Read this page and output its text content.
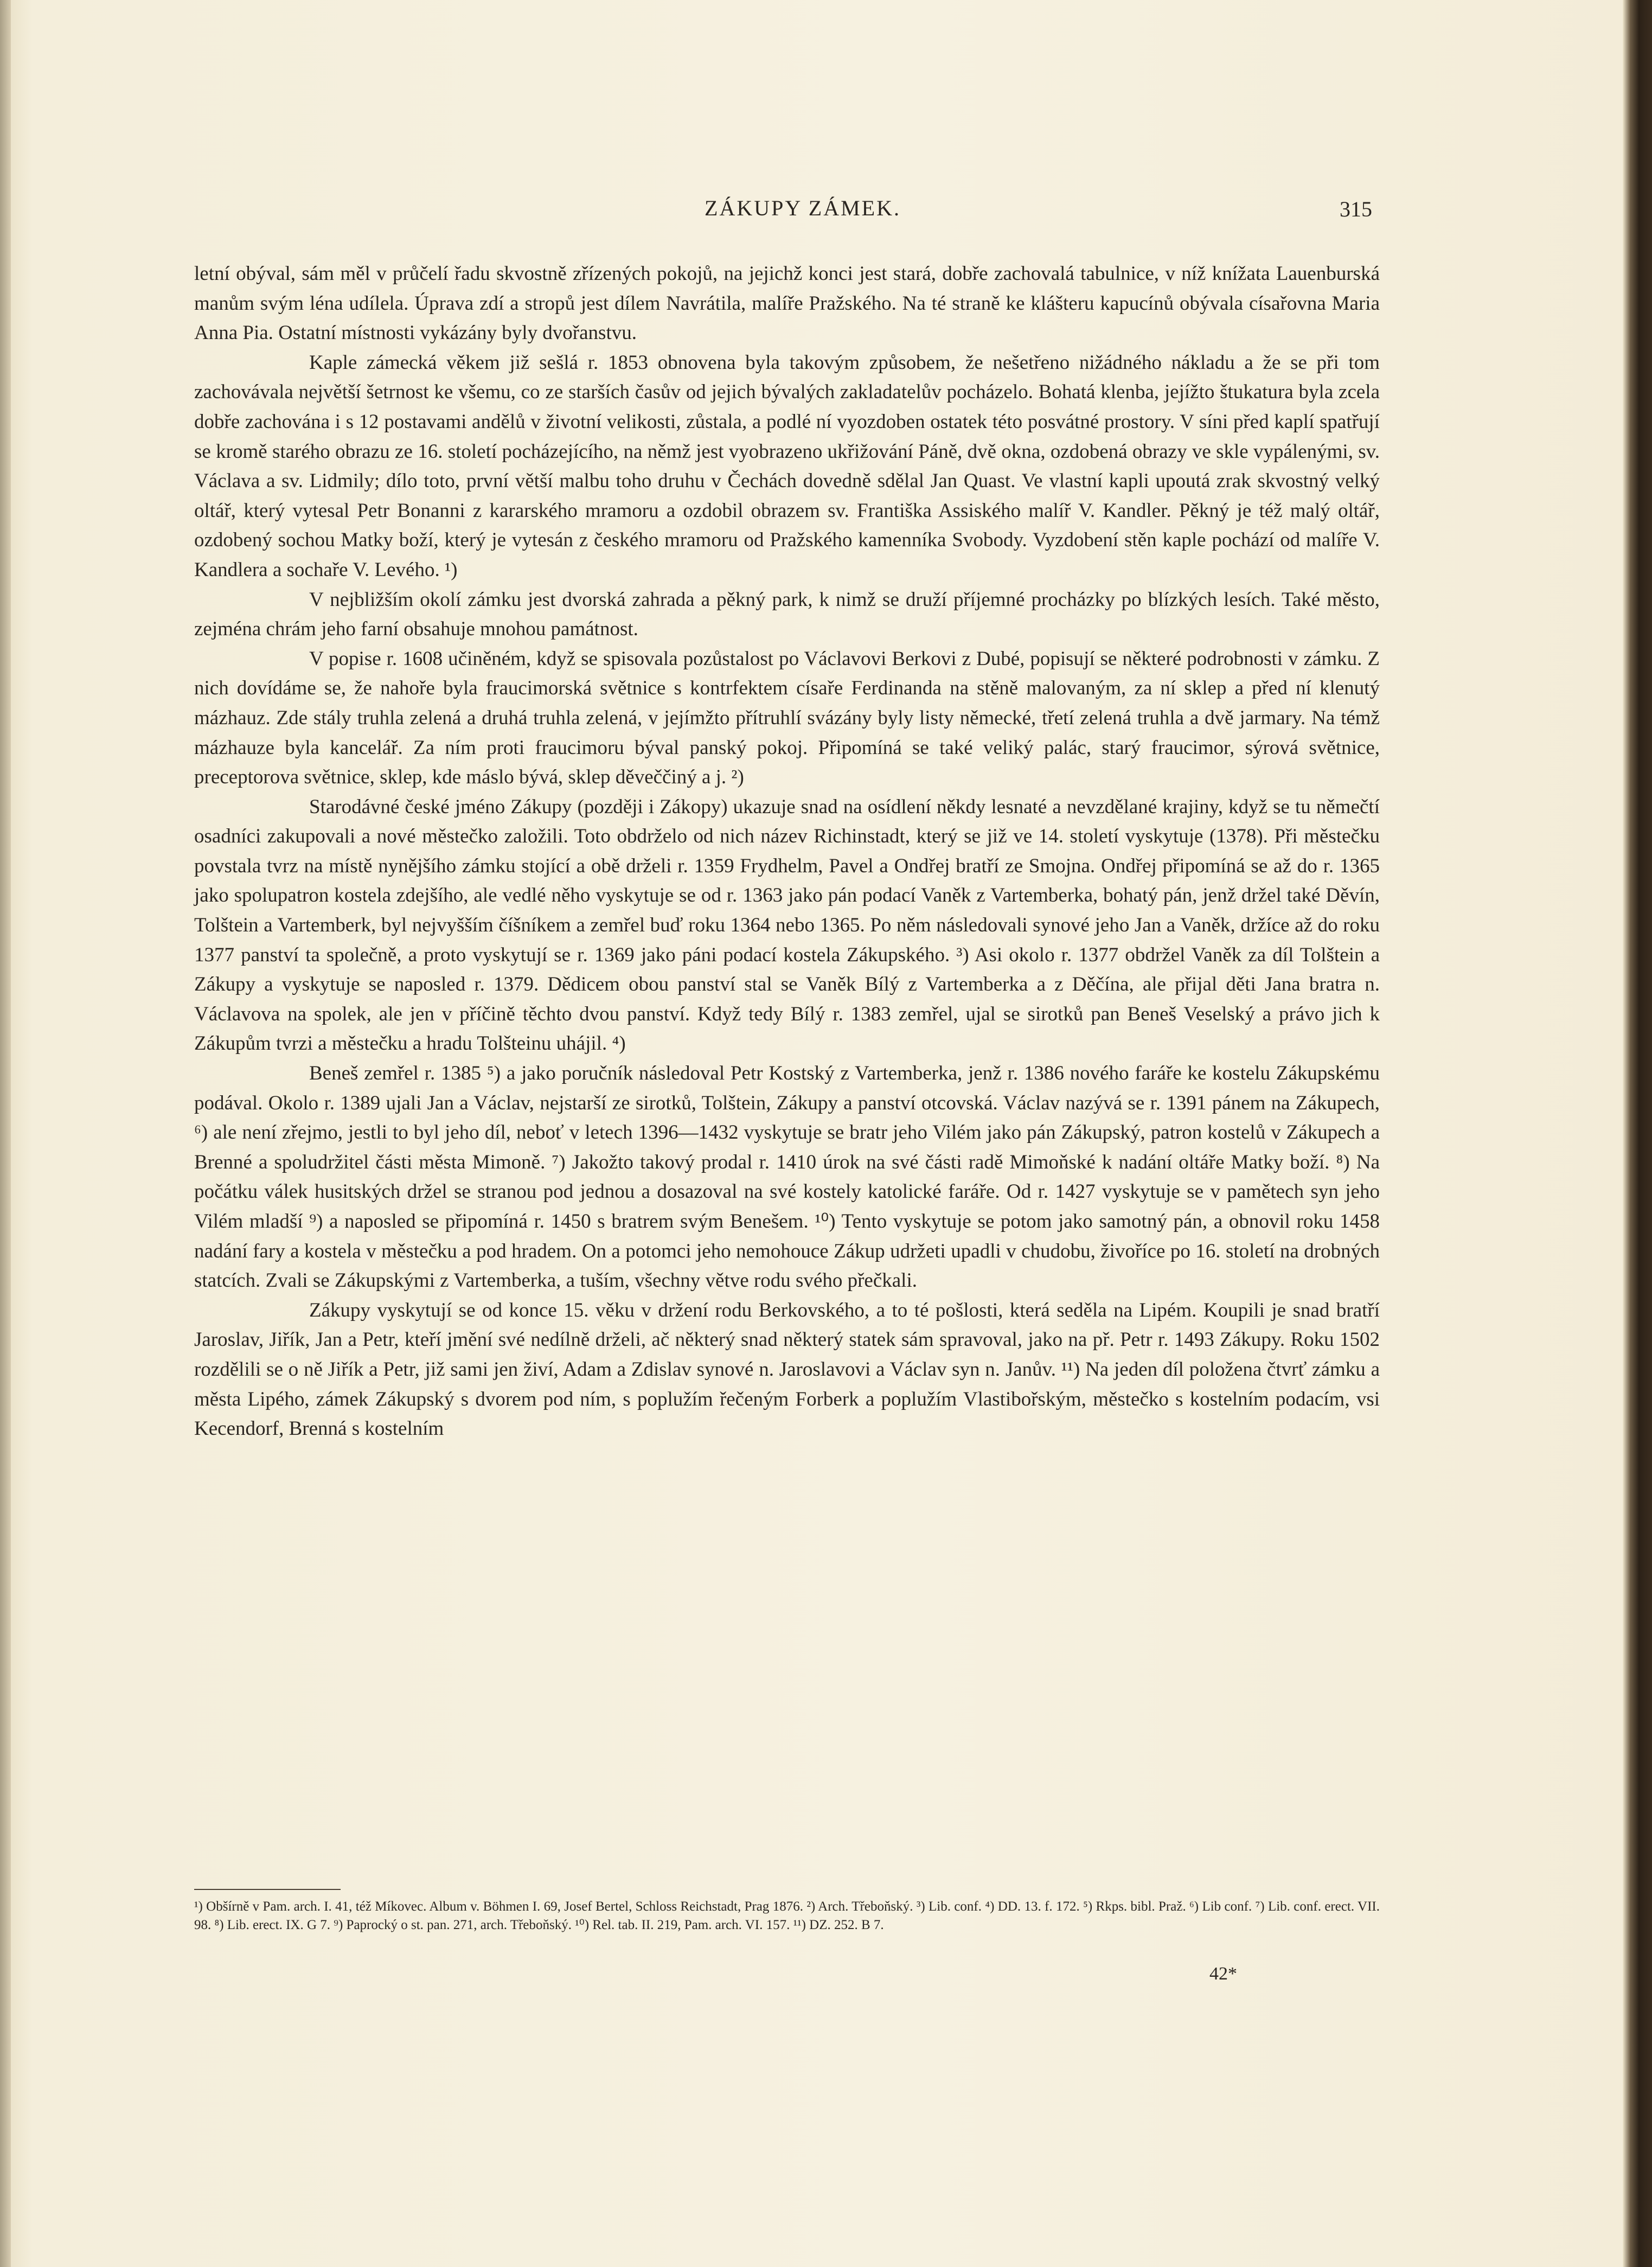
ZÁKUPY ZÁMEK.	315

letní obýval, sám měl v průčelí řadu skvostně zřízených pokojů, na jejichž konci jest stará, dobře zachovalá tabulnice, v níž knížata Lauenburská manům svým léna udílela. Úprava zdí a stropů jest dílem Navrátila, malíře Pražského. Na té straně ke klášteru kapucínů obývala císařovna Maria Anna Pia. Ostatní místnosti vykázány byly dvořanstvu.

Kaple zámecká věkem již sešlá r. 1853 obnovena byla takovým způsobem, že nešetřeno nižádného nákladu a že se při tom zachovávala největší šetrnost ke všemu, co ze starších časův od jejich bývalých zakladatelův pocházelo. Bohatá klenba, jejížto štukatura byla zcela dobře zachována i s 12 postavami andělů v životní velikosti, zůstala, a podlé ní vyozdoben ostatek této posvátné prostory. V síni před kaplí spatřují se kromě starého obrazu ze 16. století pocházejícího, na němž jest vyobrazeno ukřižování Páně, dvě okna, ozdobená obrazy ve skle vypálenými, sv. Václava a sv. Lidmily; dílo toto, první větší malbu toho druhu v Čechách dovedně sdělal Jan Quast. Ve vlastní kapli upoutá zrak skvostný velký oltář, který vytesal Petr Bonanni z kararského mramoru a ozdobil obrazem sv. Františka Assiského malíř V. Kandler. Pěkný je též malý oltář, ozdobený sochou Matky boží, který je vytesán z českého mramoru od Pražského kamenníka Svobody. Vyzdobení stěn kaple pochází od malíře V. Kandlera a sochaře V. Levého. ¹)

V nejbližším okolí zámku jest dvorská zahrada a pěkný park, k nimž se druží příjemné procházky po blízkých lesích. Také město, zejména chrám jeho farní obsahuje mnohou památnost.

V popise r. 1608 učiněném, když se spisovala pozůstalost po Václavovi Berkovi z Dubé, popisují se některé podrobnosti v zámku. Z nich dovídáme se, že nahoře byla fraucimorská světnice s kontrfektem císaře Ferdinanda na stěně malovaným, za ní sklep a před ní klenutý mázhauz. Zde stály truhla zelená a druhá truhla zelená, v jejímžto přítruhlí svázány byly listy německé, třetí zelená truhla a dvě jarmary. Na témž mázhauze byla kancelář. Za ním proti fraucimoru býval panský pokoj. Připomíná se také veliký palác, starý fraucimor, sýrová světnice, preceptorova světnice, sklep, kde máslo bývá, sklep děveččiný a j. ²)

Starodávné české jméno Zákupy (později i Zákopy) ukazuje snad na osídlení někdy lesnaté a nevzdělané krajiny, když se tu němečtí osadníci zakupovali a nové městečko založili. Toto obdrželo od nich název Richinstadt, který se již ve 14. století vyskytuje (1378). Při městečku povstala tvrz na místě nynějšího zámku stojící a obě drželi r. 1359 Frydhelm, Pavel a Ondřej bratří ze Smojna. Ondřej připomíná se až do r. 1365 jako spolupatron kostela zdejšího, ale vedlé něho vyskytuje se od r. 1363 jako pán podací Vaněk z Vartemberka, bohatý pán, jenž držel také Děvín, Tolštein a Vartemberk, byl nejvyšším číšníkem a zemřel buď roku 1364 nebo 1365. Po něm následovali synové jeho Jan a Vaněk, držíce až do roku 1377 panství ta společně, a proto vyskytují se r. 1369 jako páni podací kostela Zákupského. ³) Asi okolo r. 1377 obdržel Vaněk za díl Tolštein a Zákupy a vyskytuje se naposled r. 1379. Dědicem obou panství stal se Vaněk Bílý z Vartemberka a z Děčína, ale přijal děti Jana bratra n. Václavova na spolek, ale jen v příčině těchto dvou panství. Když tedy Bílý r. 1383 zemřel, ujal se sirotků pan Beneš Veselský a právo jich k Zákupům tvrzi a městečku a hradu Tolšteinu uhájil. ⁴)

Beneš zemřel r. 1385 ⁵) a jako poručník následoval Petr Kostský z Vartemberka, jenž r. 1386 nového faráře ke kostelu Zákupskému podával. Okolo r. 1389 ujali Jan a Václav, nejstarší ze sirotků, Tolštein, Zákupy a panství otcovská. Václav nazývá se r. 1391 pánem na Zákupech, ⁶) ale není zřejmo, jestli to byl jeho díl, neboť v letech 1396—1432 vyskytuje se bratr jeho Vilém jako pán Zákupský, patron kostelů v Zákupech a Brenné a spoludržitel části města Mimoně. ⁷) Jakožto takový prodal r. 1410 úrok na své části radě Mimoňské k nadání oltáře Matky boží. ⁸) Na počátku válek husitských držel se stranou pod jednou a dosazoval na své kostely katolické faráře. Od r. 1427 vyskytuje se v pamětech syn jeho Vilém mladší ⁹) a naposled se připomíná r. 1450 s bratrem svým Benešem. ¹⁰) Tento vyskytuje se potom jako samotný pán, a obnovil roku 1458 nadání fary a kostela v městečku a pod hradem. On a potomci jeho nemohouce Zákup udržeti upadli v chudobu, živoříce po 16. století na drobných statcích. Zvali se Zákupskými z Vartemberka, a tuším, všechny větve rodu svého přečkali.

Zákupy vyskytují se od konce 15. věku v držení rodu Berkovského, a to té pošlosti, která seděla na Lipém. Koupili je snad bratří Jaroslav, Jiřík, Jan a Petr, kteří jmění své nedílně drželi, ač některý snad některý statek sám spravoval, jako na př. Petr r. 1493 Zákupy. Roku 1502 rozdělili se o ně Jiřík a Petr, již sami jen živí, Adam a Zdislav synové n. Jaroslavovi a Václav syn n. Janův. ¹¹) Na jeden díl položena čtvrť zámku a města Lipého, zámek Zákupský s dvorem pod ním, s poplužím řečeným Forberk a poplužím Vlastibořským, městečko s kostelním podacím, vsi Kecendorf, Brenná s kostelním

¹) Obšírně v Pam. arch. I. 41, též Míkovec. Album v. Böhmen I. 69, Josef Bertel, Schloss Reichstadt, Prag 1876. ²) Arch. Třeboňský. ³) Lib. conf. ⁴) DD. 13. f. 172. ⁵) Rkps. bibl. Praž. ⁶) Lib conf. ⁷) Lib. conf. erect. VII. 98. ⁸) Lib. erect. IX. G 7. ⁹) Paprocký o st. pan. 271, arch. Třeboňský. ¹⁰) Rel. tab. II. 219, Pam. arch. VI. 157. ¹¹) DZ. 252. B 7.
42*
